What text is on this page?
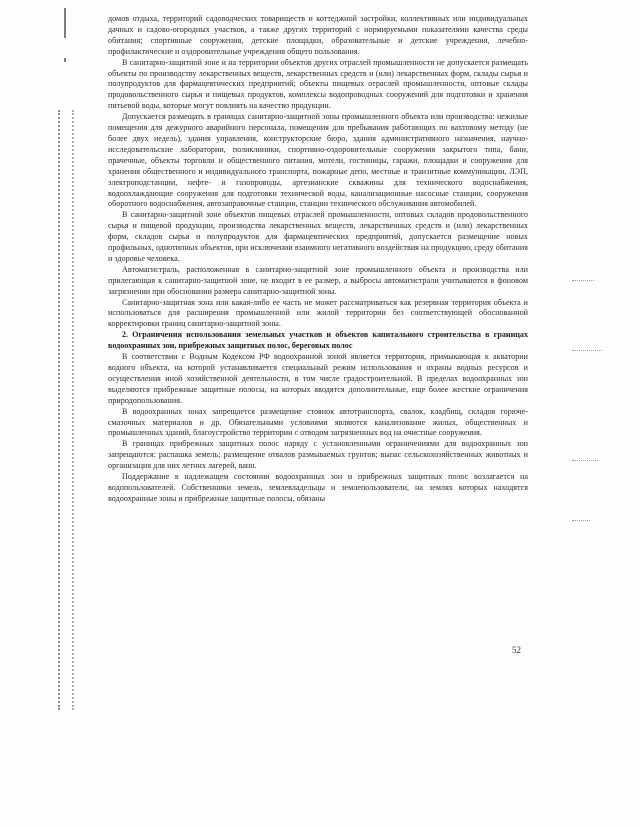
домов отдыха, территорий садоводческих товариществ и коттеджной застройки, коллективных или индивидуальных дачных и садово-огородных участков, а также других территорий с нормируемыми показателями качества среды обитания; спортивные сооружения, детские площадки, образовательные и детские учреждения, лечебно-профилактические и оздоровительные учреждения общего пользования.

В санитарно-защитной зоне и на территории объектов других отраслей промышленности не допускается размещать объекты по производству лекарственных веществ, лекарственных средств и (или) лекарственных форм, склады сырья и полупродуктов для фармацевтических предприятий; объекты пищевых отраслей промышленности, оптовые склады продовольственного сырья и пищевых продуктов, комплексы водопроводных сооружений для подготовки и хранения питьевой воды, которые могут повлиять на качество продукции.

Допускается размещать в границах санитарно-защитной зоны промышленного объекта или производства: нежилые помещения для дежурного аварийного персонала, помещения для пребывания работающих по вахтовому методу (не более двух недель), здания управления, конструкторские бюро, здания административного назначения, научно-исследовательские лаборатории, поликлиники, спортивно-оздоровительные сооружения закрытого типа, бани, прачечные, объекты торговли и общественного питания, мотели, гостиницы, гаражи, площадки и сооружения для хранения общественного и индивидуального транспорта, пожарные депо, местные и транзитные коммуникации, ЛЭП, электроподстанции, нефте- и газопроводы, артезианские скважины для технического водоснабжения, водоохлаждающие сооружения для подготовки технической воды, канализационные насосные станции, сооружения оборотного водоснабжения, автозаправочные станции, станции технического обслуживания автомобилей.

В санитарно-защитной зоне объектов пищевых отраслей промышленности, оптовых складов продовольственного сырья и пищевой продукции, производства лекарственных веществ, лекарственных средств и (или) лекарственных форм, складов сырья и полупродуктов для фармацевтических предприятий, допускается размещение новых профильных, однотипных объектов, при исключении взаимного негативного воздействия на продукцию, среду обитания и здоровье человека.

Автомагистраль, расположенная в санитарно-защитной зоне промышленного объекта и производства или прилегающая к санитарно-защитной зоне, не входит в ее размер, а выбросы автомагистрали учитываются в фоновом загрязнении при обосновании размера санитарно-защитной зоны.

Санитарно-защитная зона или какая-либо ее часть не может рассматриваться как резервная территория объекта и использоваться для расширения промышленной или жилой территории без соответствующей обоснованной корректировки границ санитарно-защитной зоны.

2. Ограничения использования земельных участков и объектов капитального строительства в границах водоохранных зон, прибрежных защитных полос, береговых полос

В соответствии с Водным Кодексом РФ водоохранной зоной является территория, примыкающая к акватории водного объекта, на которой устанавливается специальный режим использования и охраны водных ресурсов и осуществления иной хозяйственной деятельности, в том числе градостроительной. В пределах водоохранных зон выделяются прибрежные защитные полосы, на которых вводятся дополнительные, еще более жесткие ограничения природопользования.

В водоохранных зонах запрещается размещение стоянок автотранспорта, свалок, кладбищ, складов горюче-смазочных материалов и др. Обязательными условиями являются канализование жилых, общественных и промышленных зданий, благоустройство территории с отводом загрязненных вод на очистные сооружения.

В границах прибрежных защитных полос наряду с установленными ограничениями для водоохранных зон запрещаются: распашка земель; размещение отвалов размываемых грунтов; выпас сельскохозяйственных животных и организация для них летних лагерей, ванн.

Поддержание в надлежащем состоянии водоохранных зон и прибрежных защитных полос возлагается на водопользователей. Собственники земель, землевладельцы и землепользователи, на землях которых находятся водоохранные зоны и прибрежные защитные полосы, обязаны

52
